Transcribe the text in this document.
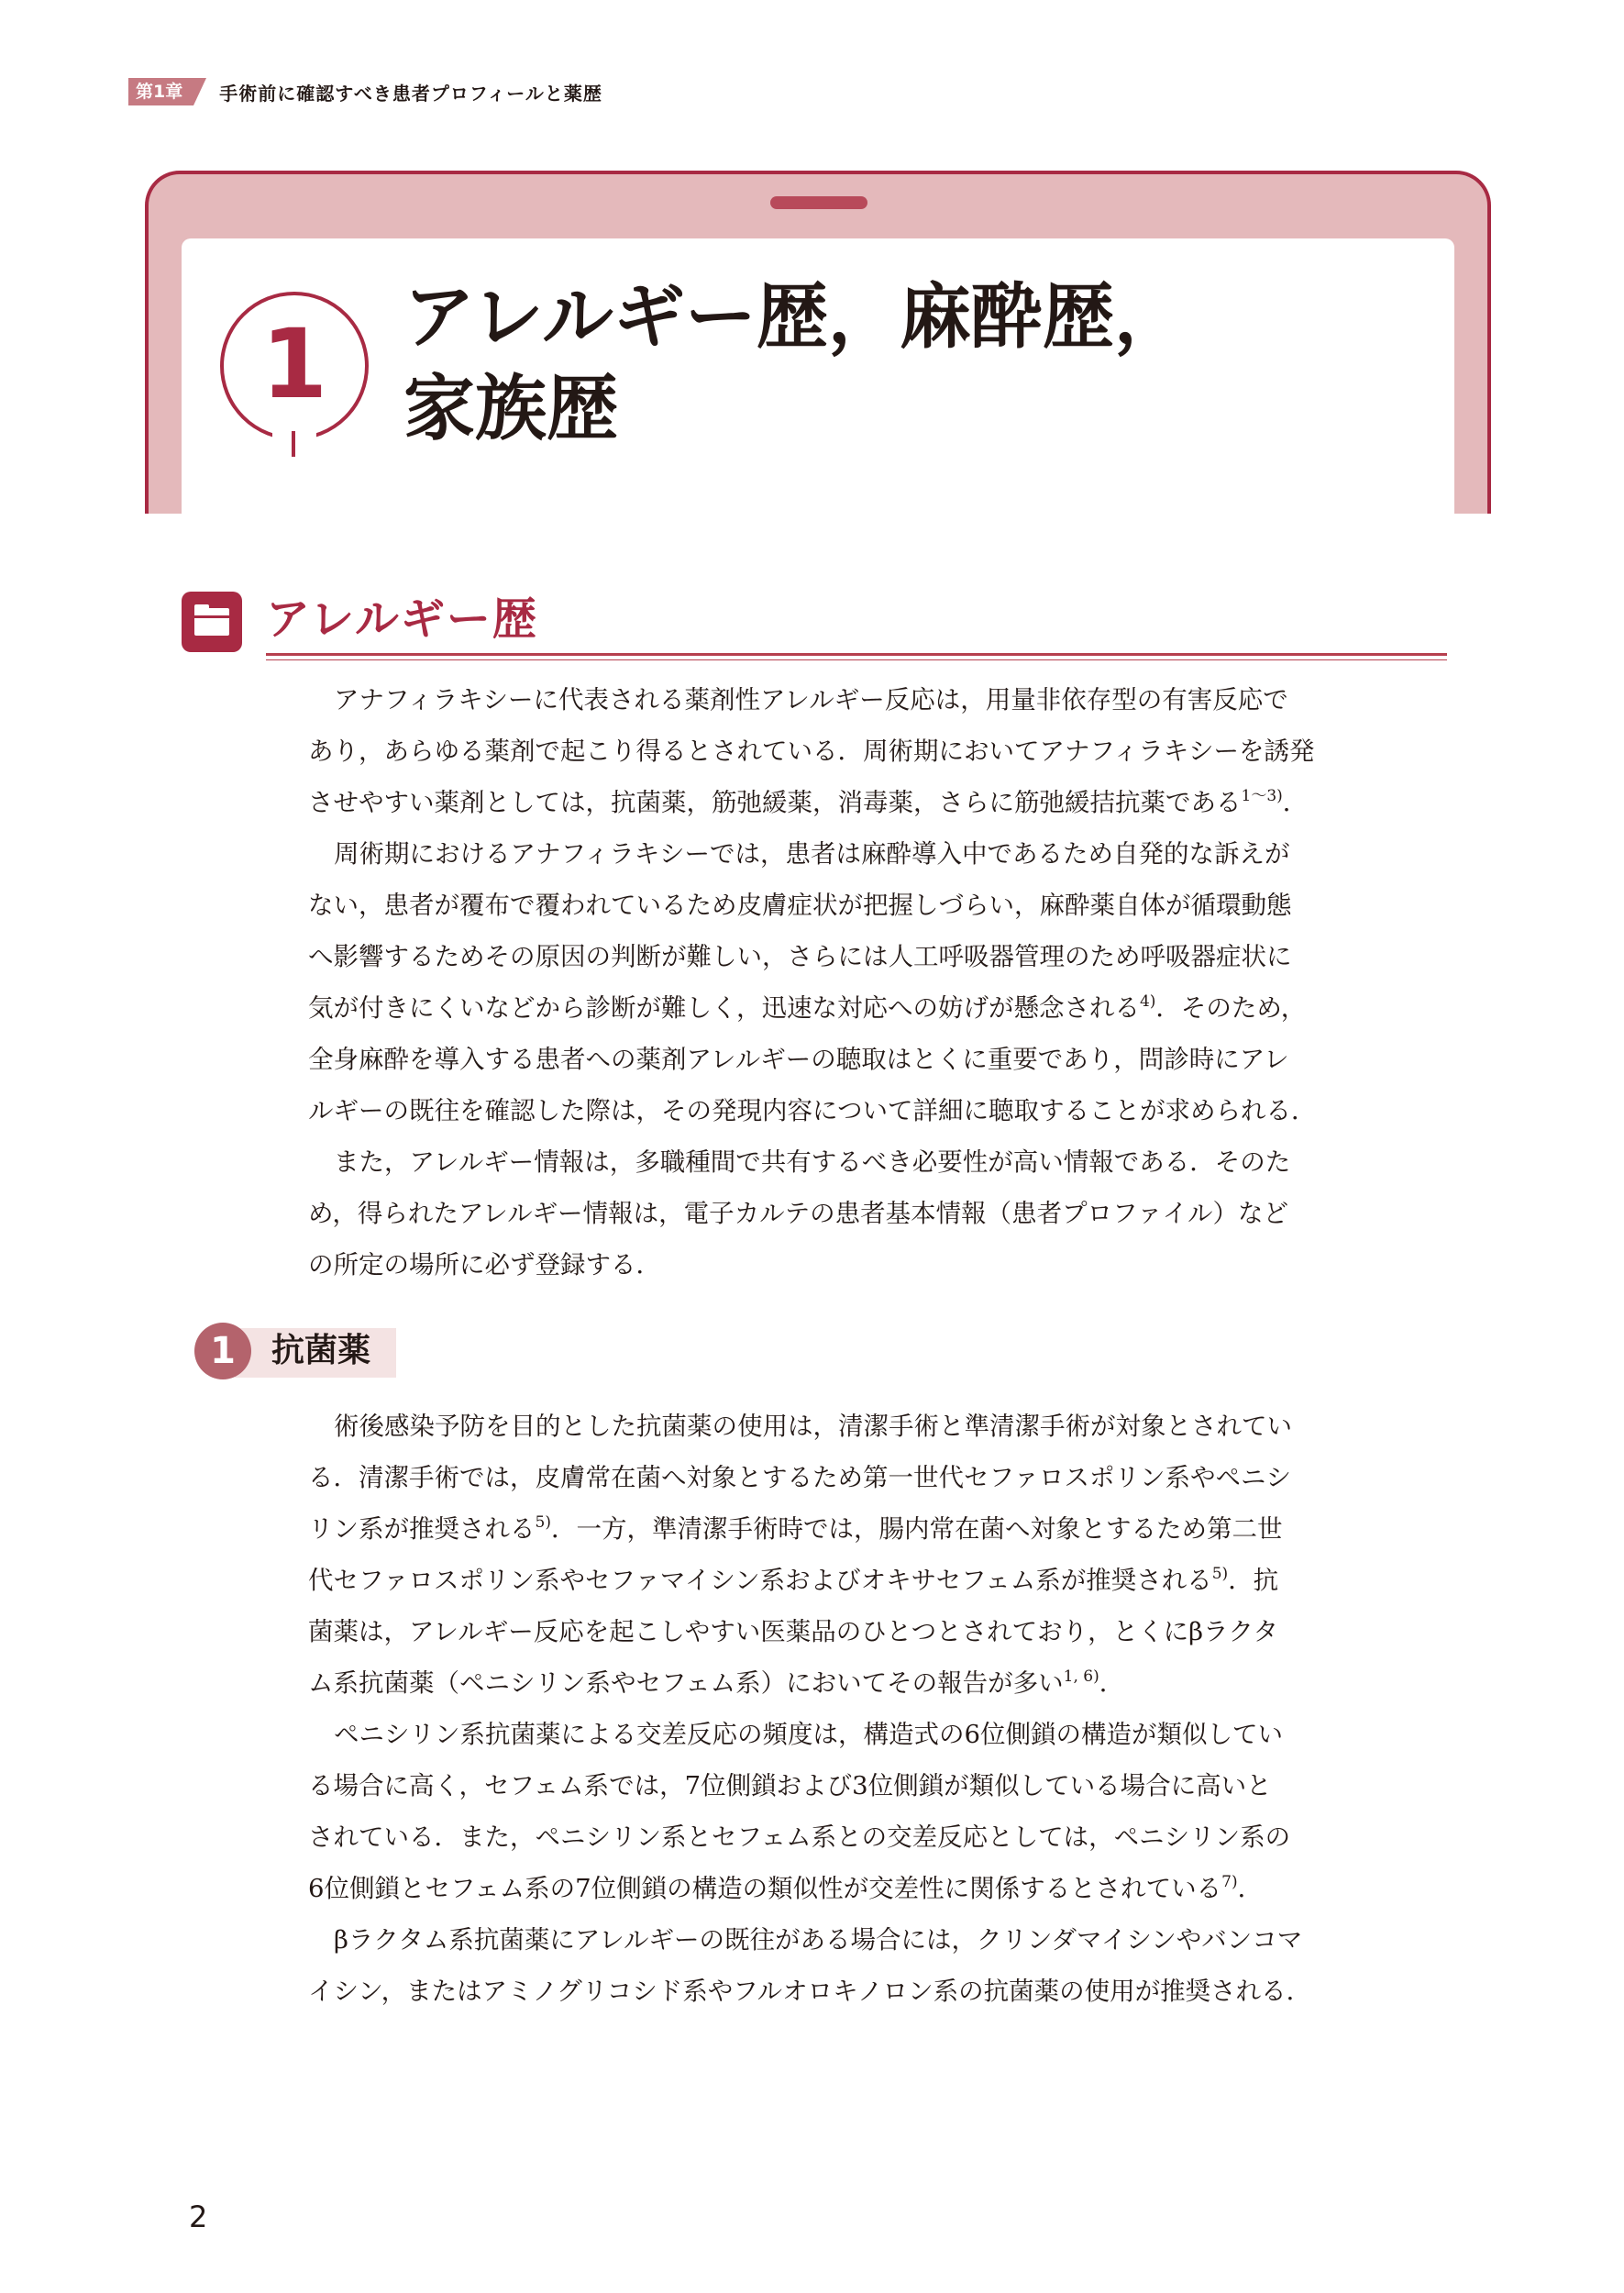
第1章	手術前に確認すべき患者プロフィールと薬歴
1	アレルギー歴，麻酔歴，
家族歴
アレルギー歴
アナフィラキシーに代表される薬剤性アレルギー反応は，用量非依存型の有害反応で
あり，あらゆる薬剤で起こり得るとされている．周術期においてアナフィラキシーを誘発
させやすい薬剤としては，抗菌薬，筋弛緩薬，消毒薬，さらに筋弛緩拮抗薬である$^{1\sim 3)}$．
周術期におけるアナフィラキシーでは，患者は麻酔導入中であるため自発的な訴えが
ない，患者が覆布で覆われているため皮膚症状が把握しづらい，麻酔薬自体が循環動態
へ影響するためその原因の判断が難しい，さらには人工呼吸器管理のため呼吸器症状に
気が付きにくいなどから診断が難しく，迅速な対応への妨げが懸念される$^{4)}$．そのため，
全身麻酔を導入する患者への薬剤アレルギーの聴取はとくに重要であり，問診時にアレ
ルギーの既往を確認した際は，その発現内容について詳細に聴取することが求められる．
また，アレルギー情報は，多職種間で共有するべき必要性が高い情報である．そのた
め，得られたアレルギー情報は，電子カルテの患者基本情報（患者プロファイル）など
の所定の場所に必ず登録する．
1	抗菌薬
術後感染予防を目的とした抗菌薬の使用は，清潔手術と準清潔手術が対象とされてい
る．清潔手術では，皮膚常在菌へ対象とするため第一世代セファロスポリン系やペニシ
リン系が推奨される$^{5)}$．一方，準清潔手術時では，腸内常在菌へ対象とするため第二世
代セファロスポリン系やセファマイシン系およびオキサセフェム系が推奨される$^{5)}$．抗
菌薬は，アレルギー反応を起こしやすい医薬品のひとつとされており，とくにβラクタ
ム系抗菌薬（ペニシリン系やセフェム系）においてその報告が多い$^{1, 6)}$．
ペニシリン系抗菌薬による交差反応の頻度は，構造式の6位側鎖の構造が類似してい
る場合に高く，セフェム系では，7位側鎖および3位側鎖が類似している場合に高いと
されている．また，ペニシリン系とセフェム系との交差反応としては，ペニシリン系の
6位側鎖とセフェム系の7位側鎖の構造の類似性が交差性に関係するとされている$^{7)}$．
βラクタム系抗菌薬にアレルギーの既往がある場合には，クリンダマイシンやバンコマ
イシン，またはアミノグリコシド系やフルオロキノロン系の抗菌薬の使用が推奨される．
2
